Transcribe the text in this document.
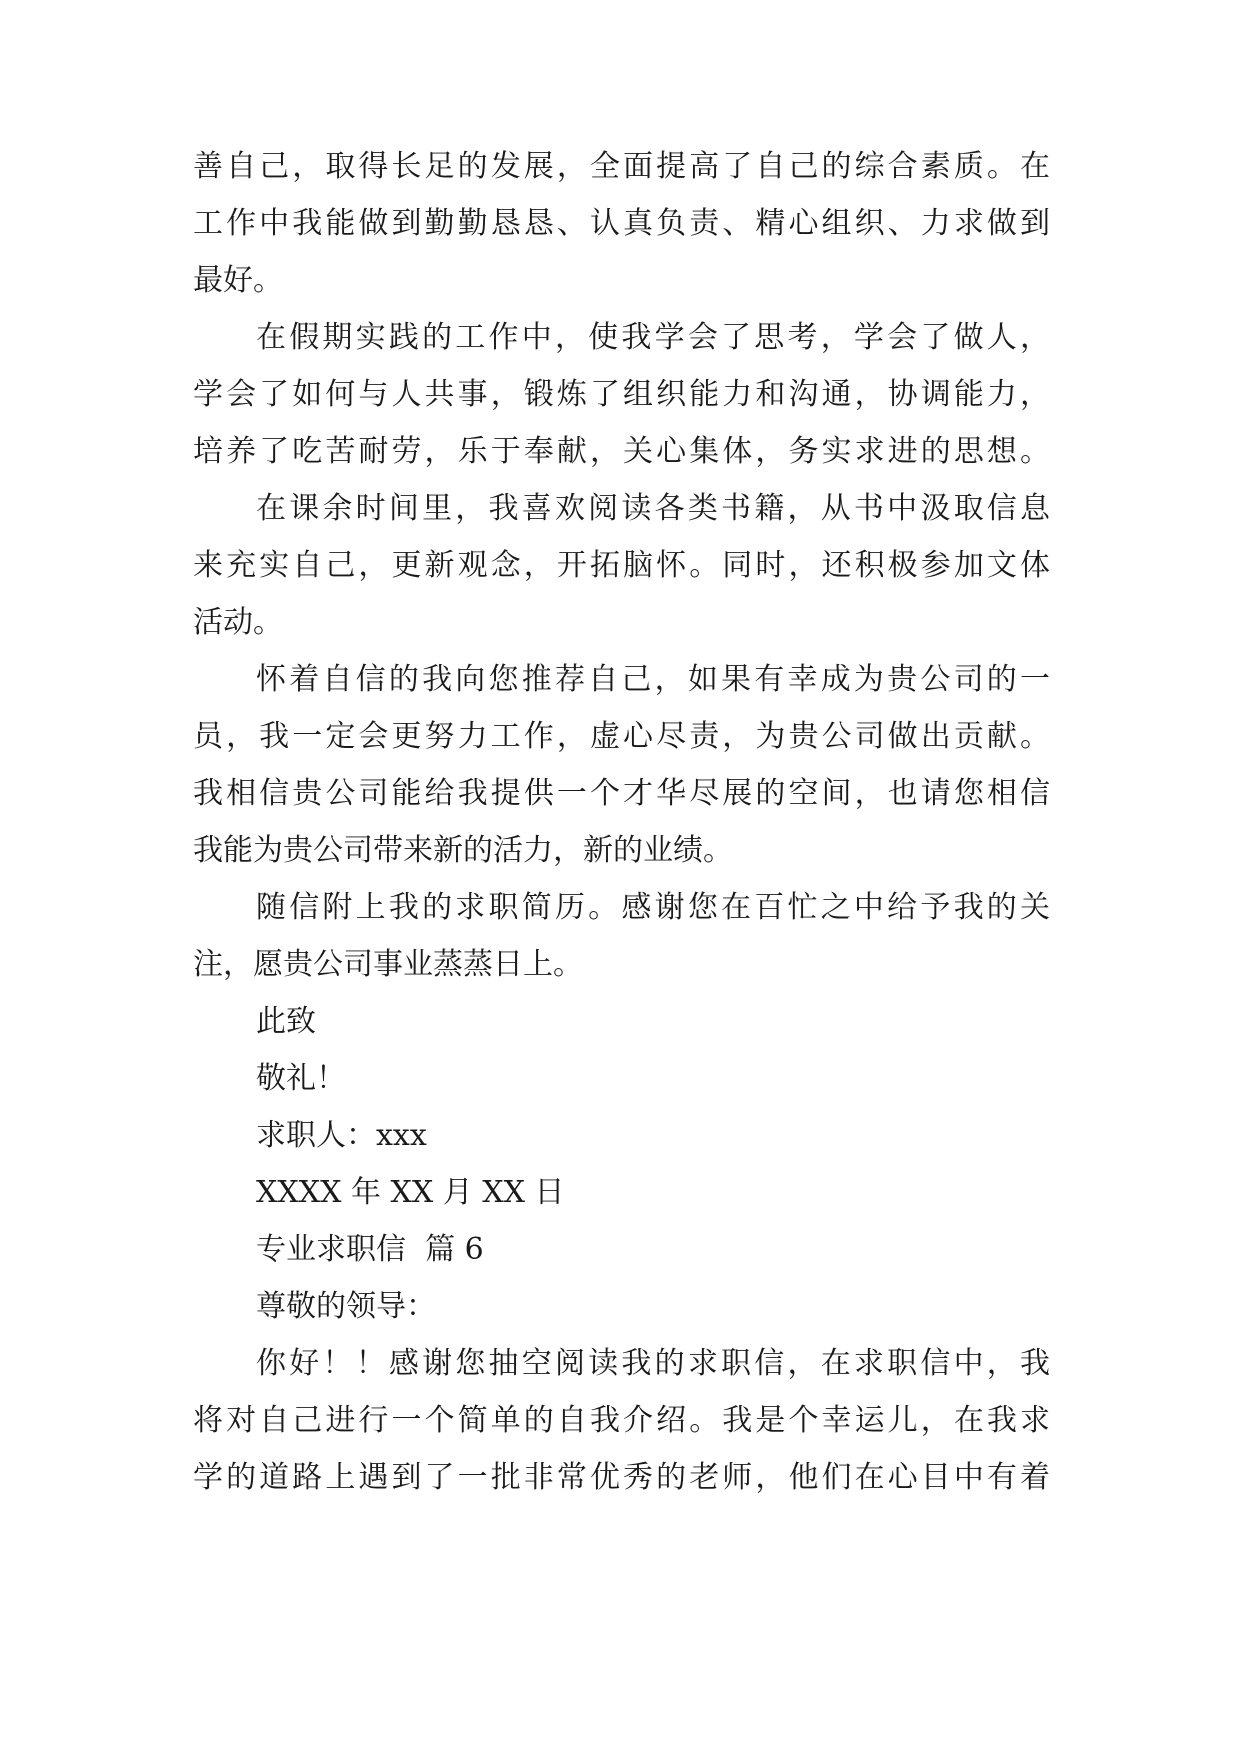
善自己，取得长足的发展，全面提高了自己的综合素质。在
工作中我能做到勤勤恳恳、认真负责、精心组织、力求做到
最好。
在假期实践的工作中，使我学会了思考，学会了做人，
学会了如何与人共事，锻炼了组织能力和沟通，协调能力，
培养了吃苦耐劳，乐于奉献，关心集体，务实求进的思想。
在课余时间里，我喜欢阅读各类书籍，从书中汲取信息
来充实自己，更新观念，开拓脑怀。同时，还积极参加文体
活动。
怀着自信的我向您推荐自己，如果有幸成为贵公司的一
员，我一定会更努力工作，虚心尽责，为贵公司做出贡献。
我相信贵公司能给我提供一个才华尽展的空间，也请您相信
我能为贵公司带来新的活力，新的业绩。
随信附上我的求职简历。感谢您在百忙之中给予我的关
注，愿贵公司事业蒸蒸日上。
此致
敬礼！
求职人：xxx
XXXX 年 XX 月 XX 日
专业求职信  篇 6
尊敬的领导：
你好！！感谢您抽空阅读我的求职信，在求职信中，我
将对自己进行一个简单的自我介绍。我是个幸运儿，在我求
学的道路上遇到了一批非常优秀的老师，他们在心目中有着
